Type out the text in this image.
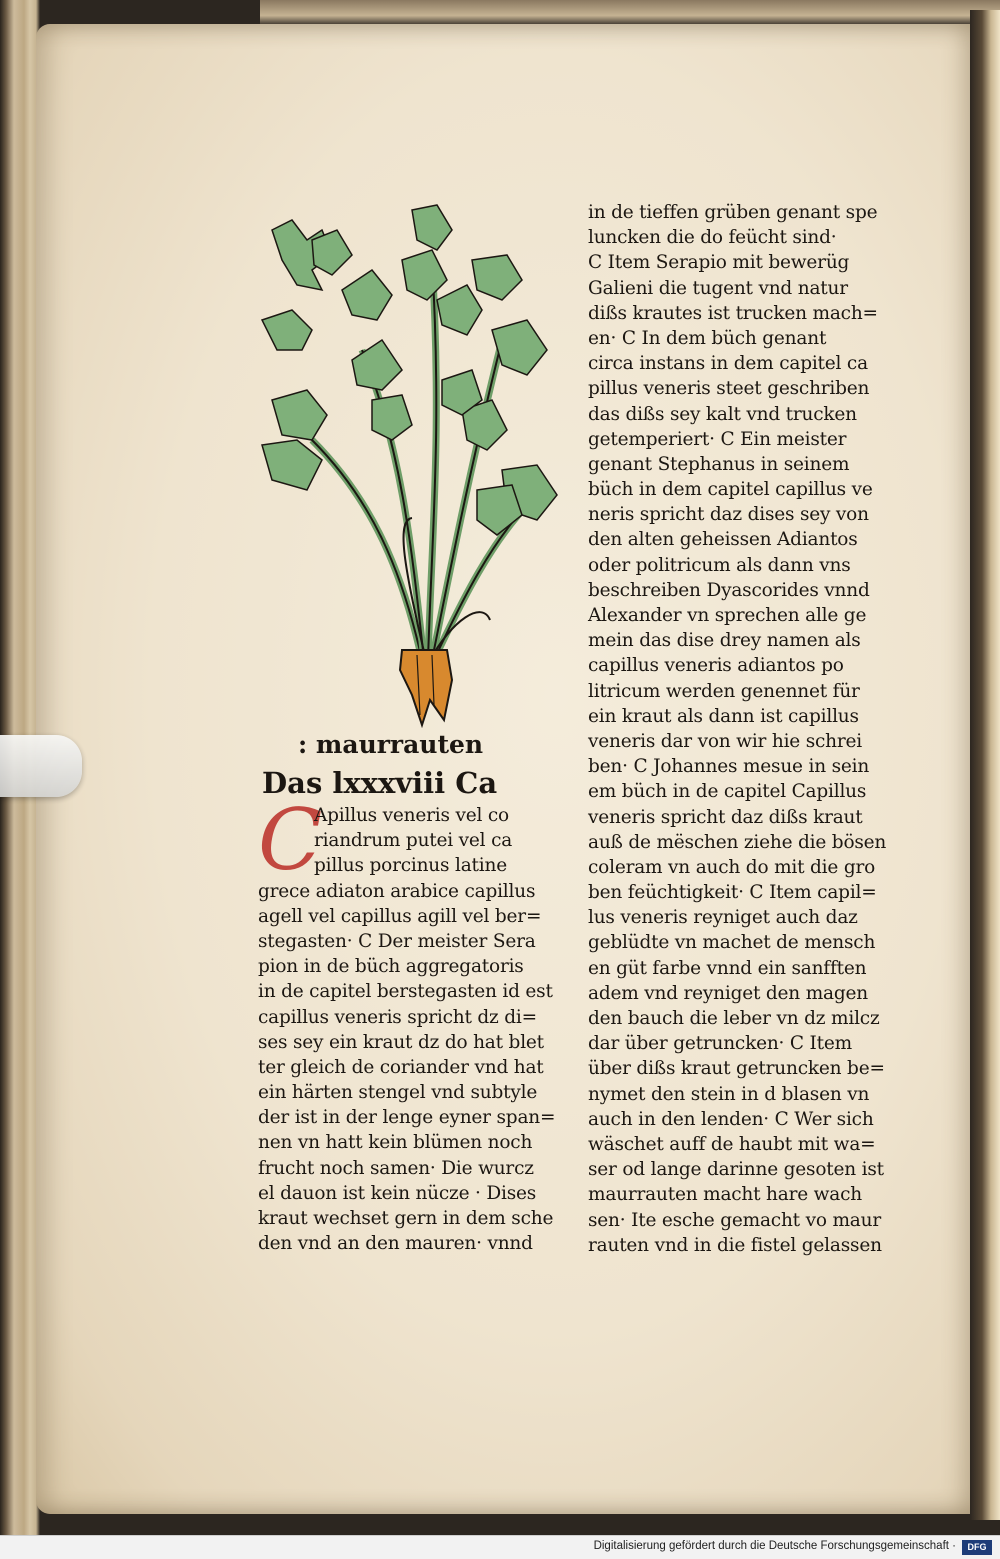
: maurrauten
Das lxxxviii Ca
C
Apillus veneris vel co
riandrum putei vel ca
pillus porcinus latine
grece adiaton arabice capillus
agell vel capillus agill vel ber=
stegasten· C Der meister Sera
pion in de büch aggregatoris
in de capitel berstegasten id est
capillus veneris spricht dz di=
ses sey ein kraut dz do hat blet
ter gleich de coriander vnd hat
ein härten stengel vnd subtyle
der ist in der lenge eyner span=
nen vn hatt kein blümen noch
frucht noch samen· Die wurcz
el dauon ist kein nücze · Dises
kraut wechset gern in dem sche
den vnd an den mauren· vnnd
in de tieffen grüben genant spe
luncken die do feücht sind·
C Item Serapio mit bewerüg
Galieni die tugent vnd natur
dißs krautes ist trucken mach=
en· C In dem büch genant
circa instans in dem capitel ca
pillus veneris steet geschriben
das dißs sey kalt vnd trucken
getemperiert· C Ein meister
genant Stephanus in seinem
büch in dem capitel capillus ve
neris spricht daz dises sey von
den alten geheissen Adiantos
oder politricum als dann vns
beschreiben Dyascorides vnnd
Alexander vn sprechen alle ge
mein das dise drey namen als
capillus veneris adiantos po
litricum werden genennet für
ein kraut als dann ist capillus
veneris dar von wir hie schrei
ben· C Johannes mesue in sein
em büch in de capitel Capillus
veneris spricht daz dißs kraut
auß de mëschen ziehe die bösen
coleram vn auch do mit die gro
ben feüchtigkeit· C Item capil=
lus veneris reyniget auch daz
geblüdte vn machet de mensch
en güt farbe vnnd ein sanfften
adem vnd reyniget den magen
den bauch die leber vn dz milcz
dar über getruncken· C Item
über dißs kraut getruncken be=
nymet den stein in d blasen vn
auch in den lenden· C Wer sich
wäschet auff de haubt mit wa=
ser od lange darinne gesoten ist
maurrauten macht hare wach
sen· Ite esche gemacht vo maur
rauten vnd in die fistel gelassen
Digitalisierung gefördert durch die Deutsche Forschungsgemeinschaft ·	DFG
